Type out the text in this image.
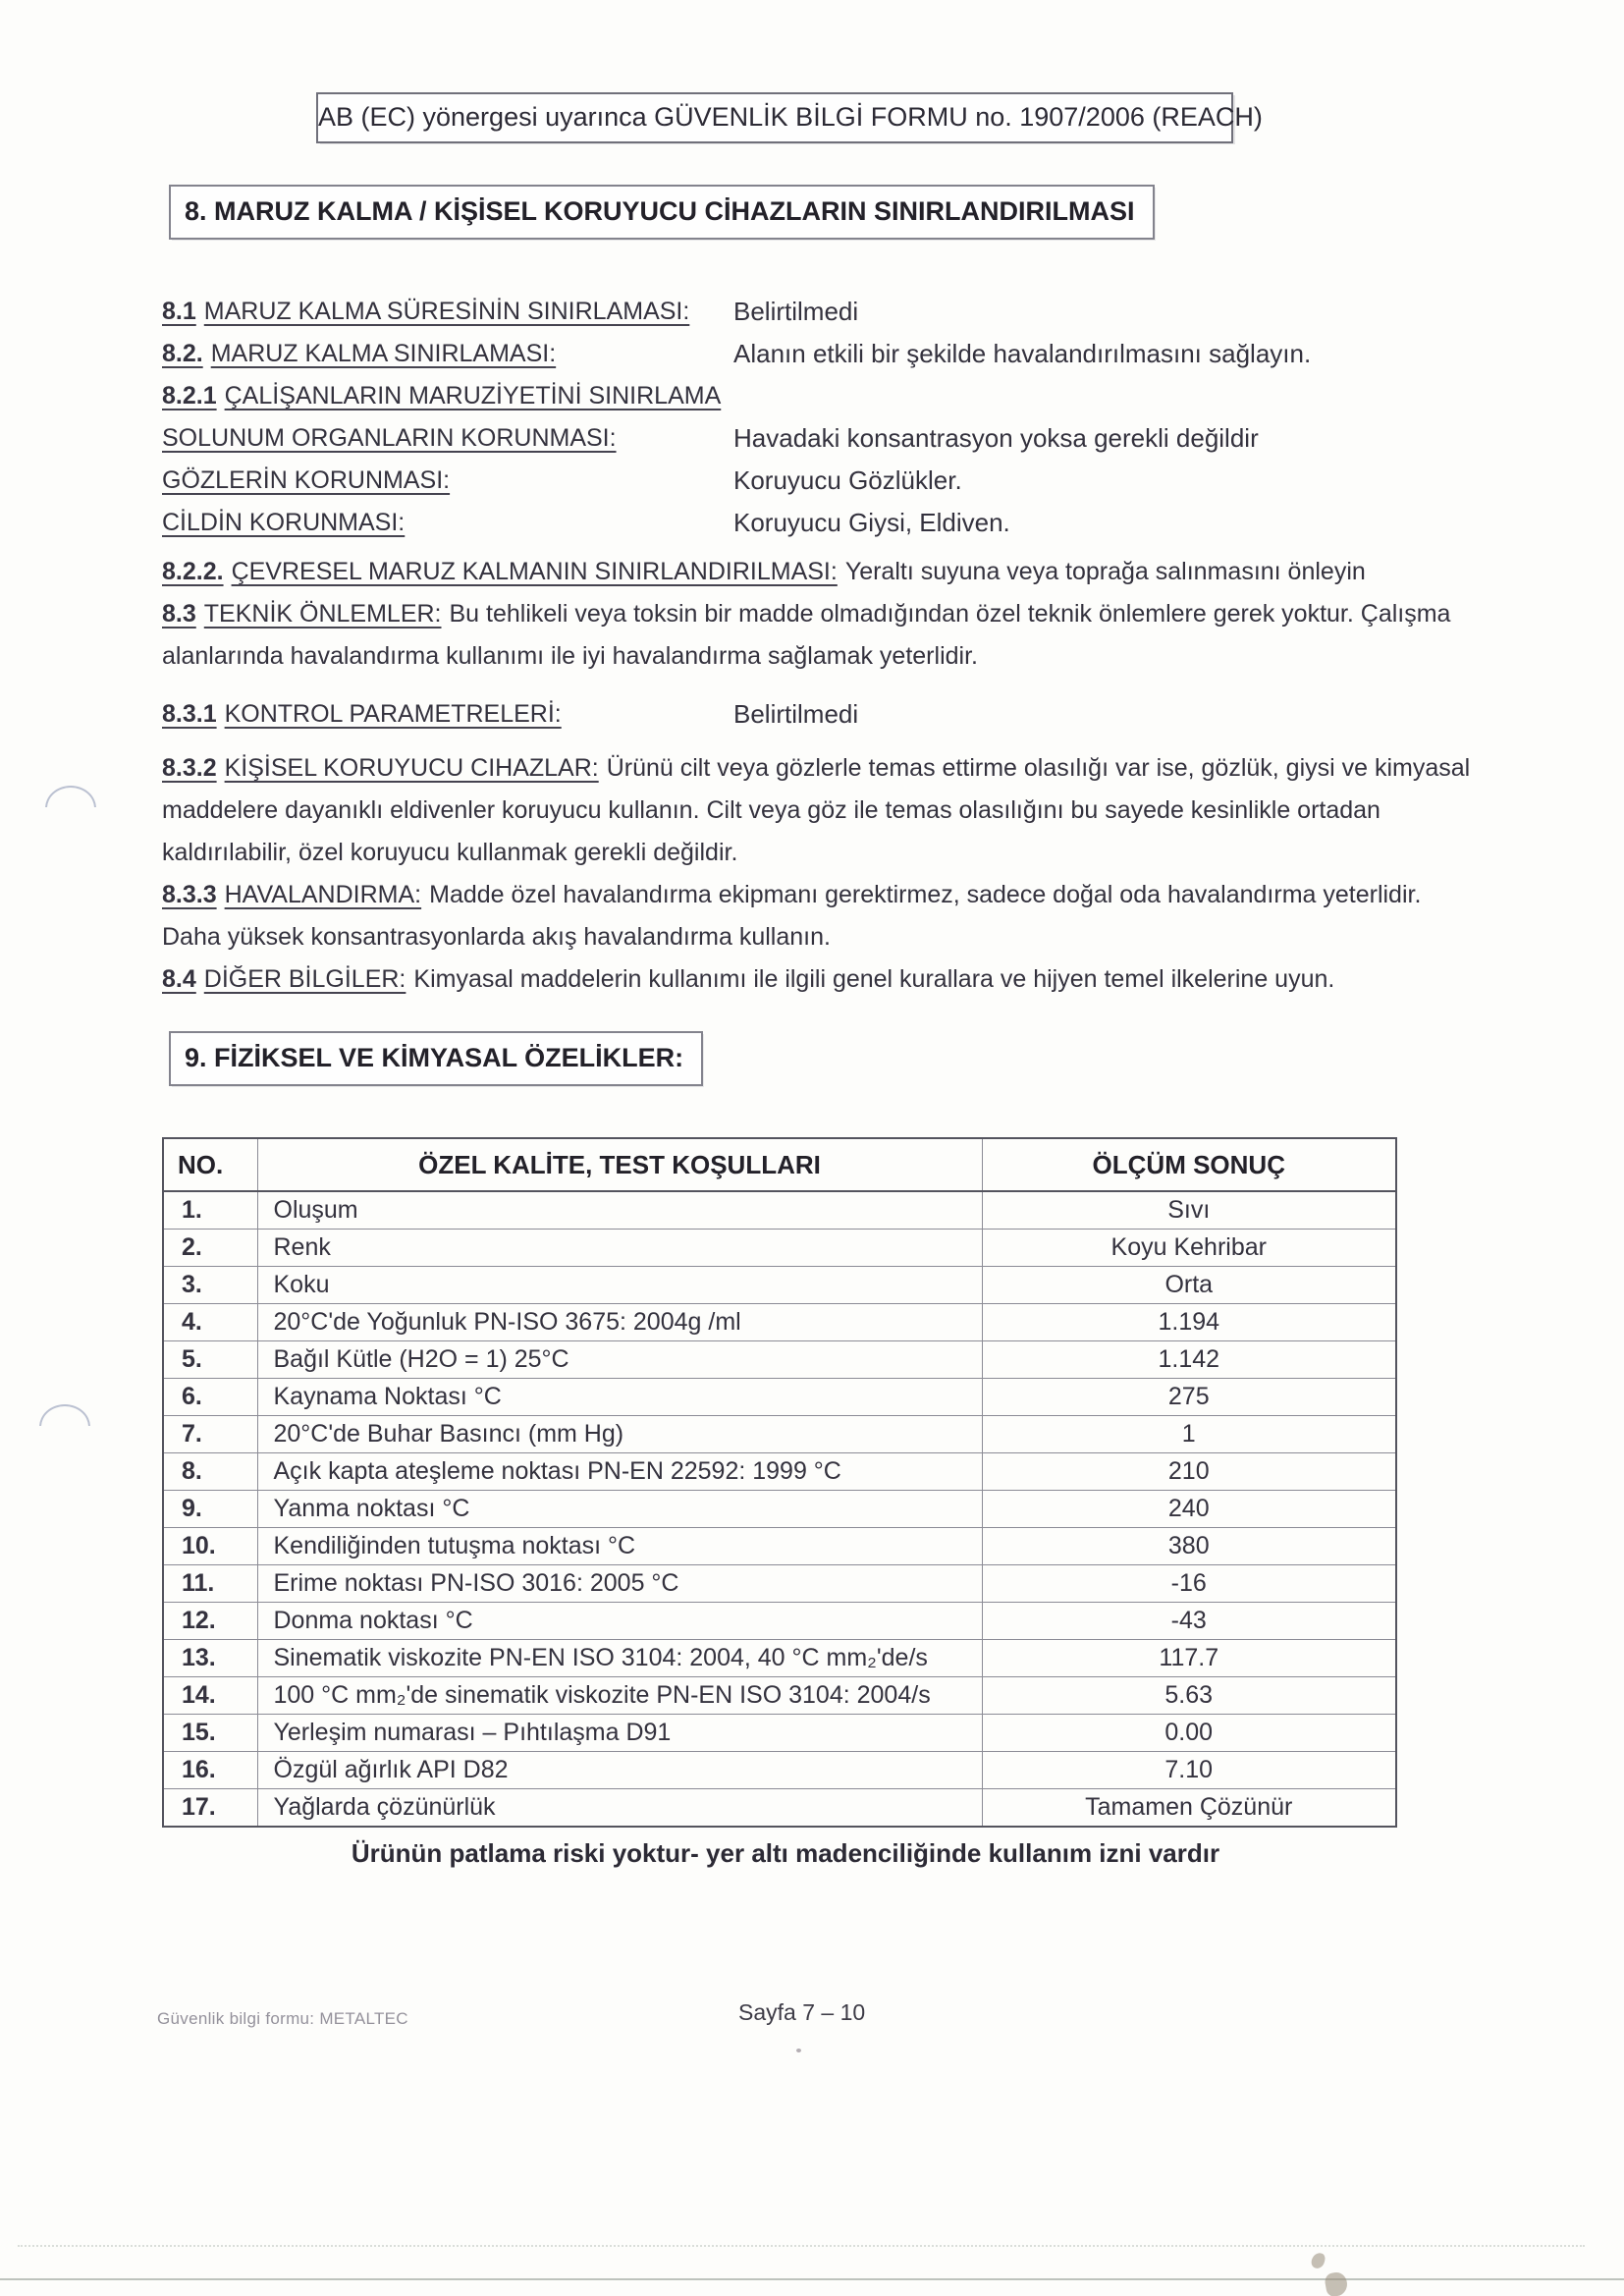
AB (EC) yönergesi uyarınca GÜVENLİK BİLGİ FORMU no. 1907/2006 (REACH)
8. MARUZ KALMA / KİŞİSEL KORUYUCU CİHAZLARIN SINIRLANDIRILMASI
8.1 MARUZ KALMA SÜRESİNİN SINIRLAMASI:	Belirtilmedi
8.2. MARUZ KALMA SINIRLAMASI:	Alanın etkili bir şekilde havalandırılmasını sağlayın.
8.2.1 ÇALİŞANLARIN MARUZİYETİNİ SINIRLAMA
SOLUNUM ORGANLARIN KORUNMASI:	Havadaki konsantrasyon yoksa gerekli değildir
GÖZLERİN KORUNMASI:	Koruyucu Gözlükler.
CİLDİN KORUNMASI:	Koruyucu Giysi, Eldiven.

8.2.2. ÇEVRESEL MARUZ KALMANIN SINIRLANDIRILMASI: Yeraltı suyuna veya toprağa salınmasını önleyin

8.3 TEKNİK ÖNLEMLER: Bu tehlikeli veya toksin bir madde olmadığından özel teknik önlemlere gerek yoktur. Çalışma alanlarında havalandırma kullanımı ile iyi havalandırma sağlamak yeterlidir.

8.3.1 KONTROL PARAMETRELERİ:	Belirtilmedi

8.3.2 KİŞİSEL KORUYUCU CIHAZLAR: Ürünü cilt veya gözlerle temas ettirme olasılığı var ise, gözlük, giysi ve kimyasal maddelere dayanıklı eldivenler koruyucu kullanın. Cilt veya göz ile temas olasılığını bu sayede kesinlikle ortadan kaldırılabilir, özel koruyucu kullanmak gerekli değildir.

8.3.3 HAVALANDIRMA: Madde özel havalandırma ekipmanı gerektirmez, sadece doğal oda havalandırma yeterlidir. Daha yüksek konsantrasyonlarda akış havalandırma kullanın.

8.4 DİĞER BİLGİLER: Kimyasal maddelerin kullanımı ile ilgili genel kurallara ve hijyen temel ilkelerine uyun.

9. FİZİKSEL VE KİMYASAL ÖZELİKLER:
NO.	ÖZEL KALİTE, TEST KOŞULLARI	ÖLÇÜM SONUÇ
1.	Oluşum	Sıvı
2.	Renk	Koyu Kehribar
3.	Koku	Orta
4.	20°C'de Yoğunluk PN-ISO 3675: 2004g /ml	1.194
5.	Bağıl Kütle (H2O = 1) 25°C	1.142
6.	Kaynama Noktası °C	275
7.	20°C'de Buhar Basıncı (mm Hg)	1
8.	Açık kapta ateşleme noktası PN-EN 22592: 1999 °C	210
9.	Yanma noktası °C	240
10.	Kendiliğinden tutuşma noktası °C	380
11.	Erime noktası PN-ISO 3016: 2005 °C	-16
12.	Donma noktası °C	-43
13.	Sinematik viskozite PN-EN ISO 3104: 2004, 40 °C mm₂'de/s	117.7
14.	100 °C mm₂'de sinematik viskozite PN-EN ISO 3104: 2004/s	5.63
15.	Yerleşim numarası – Pıhtılaşma D91	0.00
16.	Özgül ağırlık API D82	7.10
17.	Yağlarda çözünürlük	Tamamen Çözünür
Ürünün patlama riski yoktur- yer altı madenciliğinde kullanım izni vardır
Güvenlik bilgi formu: METALTEC	Sayfa 7 – 10
